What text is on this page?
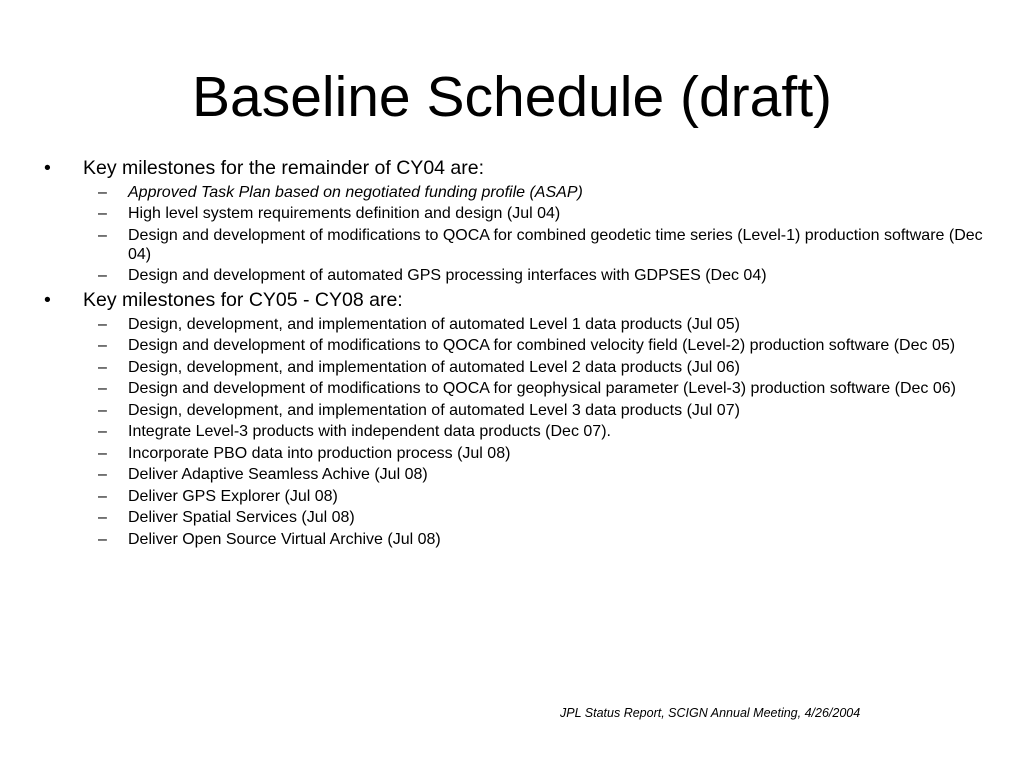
Baseline Schedule (draft)
• Key milestones for the remainder of CY04 are:
– Approved Task Plan based on negotiated funding profile (ASAP)
– High level system requirements definition and design (Jul 04)
– Design and development of modifications to QOCA for combined geodetic time series (Level-1) production software (Dec 04)
– Design and development of automated GPS processing interfaces with GDPSES (Dec 04)
• Key milestones for CY05 - CY08 are:
– Design, development, and implementation of automated Level 1 data products (Jul 05)
– Design and development of modifications to QOCA for combined velocity field (Level-2) production software (Dec 05)
– Design, development, and implementation of automated Level 2 data products (Jul 06)
– Design and development of modifications to QOCA for geophysical parameter (Level-3) production software (Dec 06)
– Design, development, and implementation of automated Level 3 data products (Jul 07)
– Integrate Level-3 products with independent data products (Dec 07).
– Incorporate PBO data into production process (Jul 08)
– Deliver Adaptive Seamless Achive (Jul 08)
– Deliver GPS Explorer (Jul 08)
– Deliver Spatial Services (Jul 08)
– Deliver Open Source Virtual Archive (Jul 08)
JPL Status Report, SCIGN Annual Meeting, 4/26/2004
